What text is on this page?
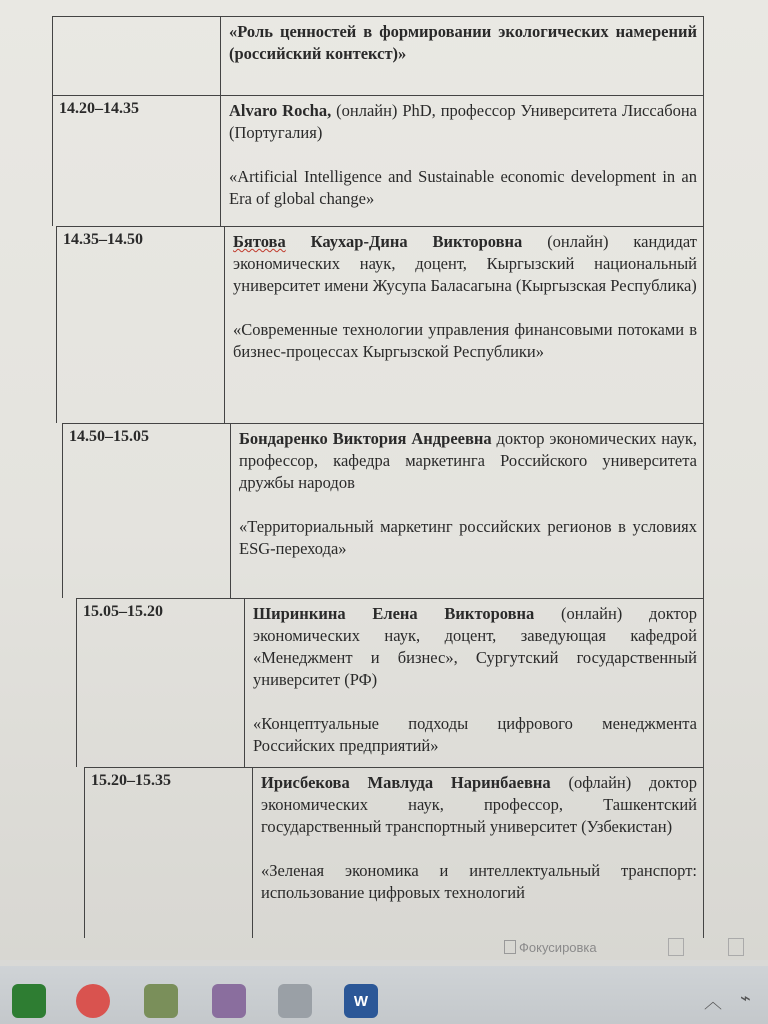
«Роль ценностей в формировании экологических намерений (российский контекст)»
14.20–14.35	Alvaro Rocha, (онлайн) PhD, профессор Университета Лиссабона (Португалия)
«Artificial Intelligence and Sustainable economic development in an Era of global change»
14.35–14.50	Бятова Каухар-Дина Викторовна (онлайн) кандидат экономических наук, доцент, Кыргызский национальный университет имени Жусупа Баласагына (Кыргызская Республика)
«Современные технологии управления финансовыми потоками в бизнес-процессах Кыргызской Республики»
14.50–15.05	Бондаренко Виктория Андреевна доктор экономических наук, профессор, кафедра маркетинга Российского университета дружбы народов
«Территориальный маркетинг российских регионов в условиях ESG-перехода»
15.05–15.20	Ширинкина Елена Викторовна (онлайн) доктор экономических наук, доцент, заведующая кафедрой «Менеджмент и бизнес», Сургутский государственный университет (РФ)
«Концептуальные подходы цифрового менеджмента Российских предприятий»
15.20–15.35	Ирисбекова Мавлуда Наринбаевна (офлайн) доктор экономических наук, профессор, Ташкентский государственный транспортный университет (Узбекистан)
«Зеленая экономика и интеллектуальный транспорт: использование цифровых технологий
Фокусировка
W	︿ ⌁
